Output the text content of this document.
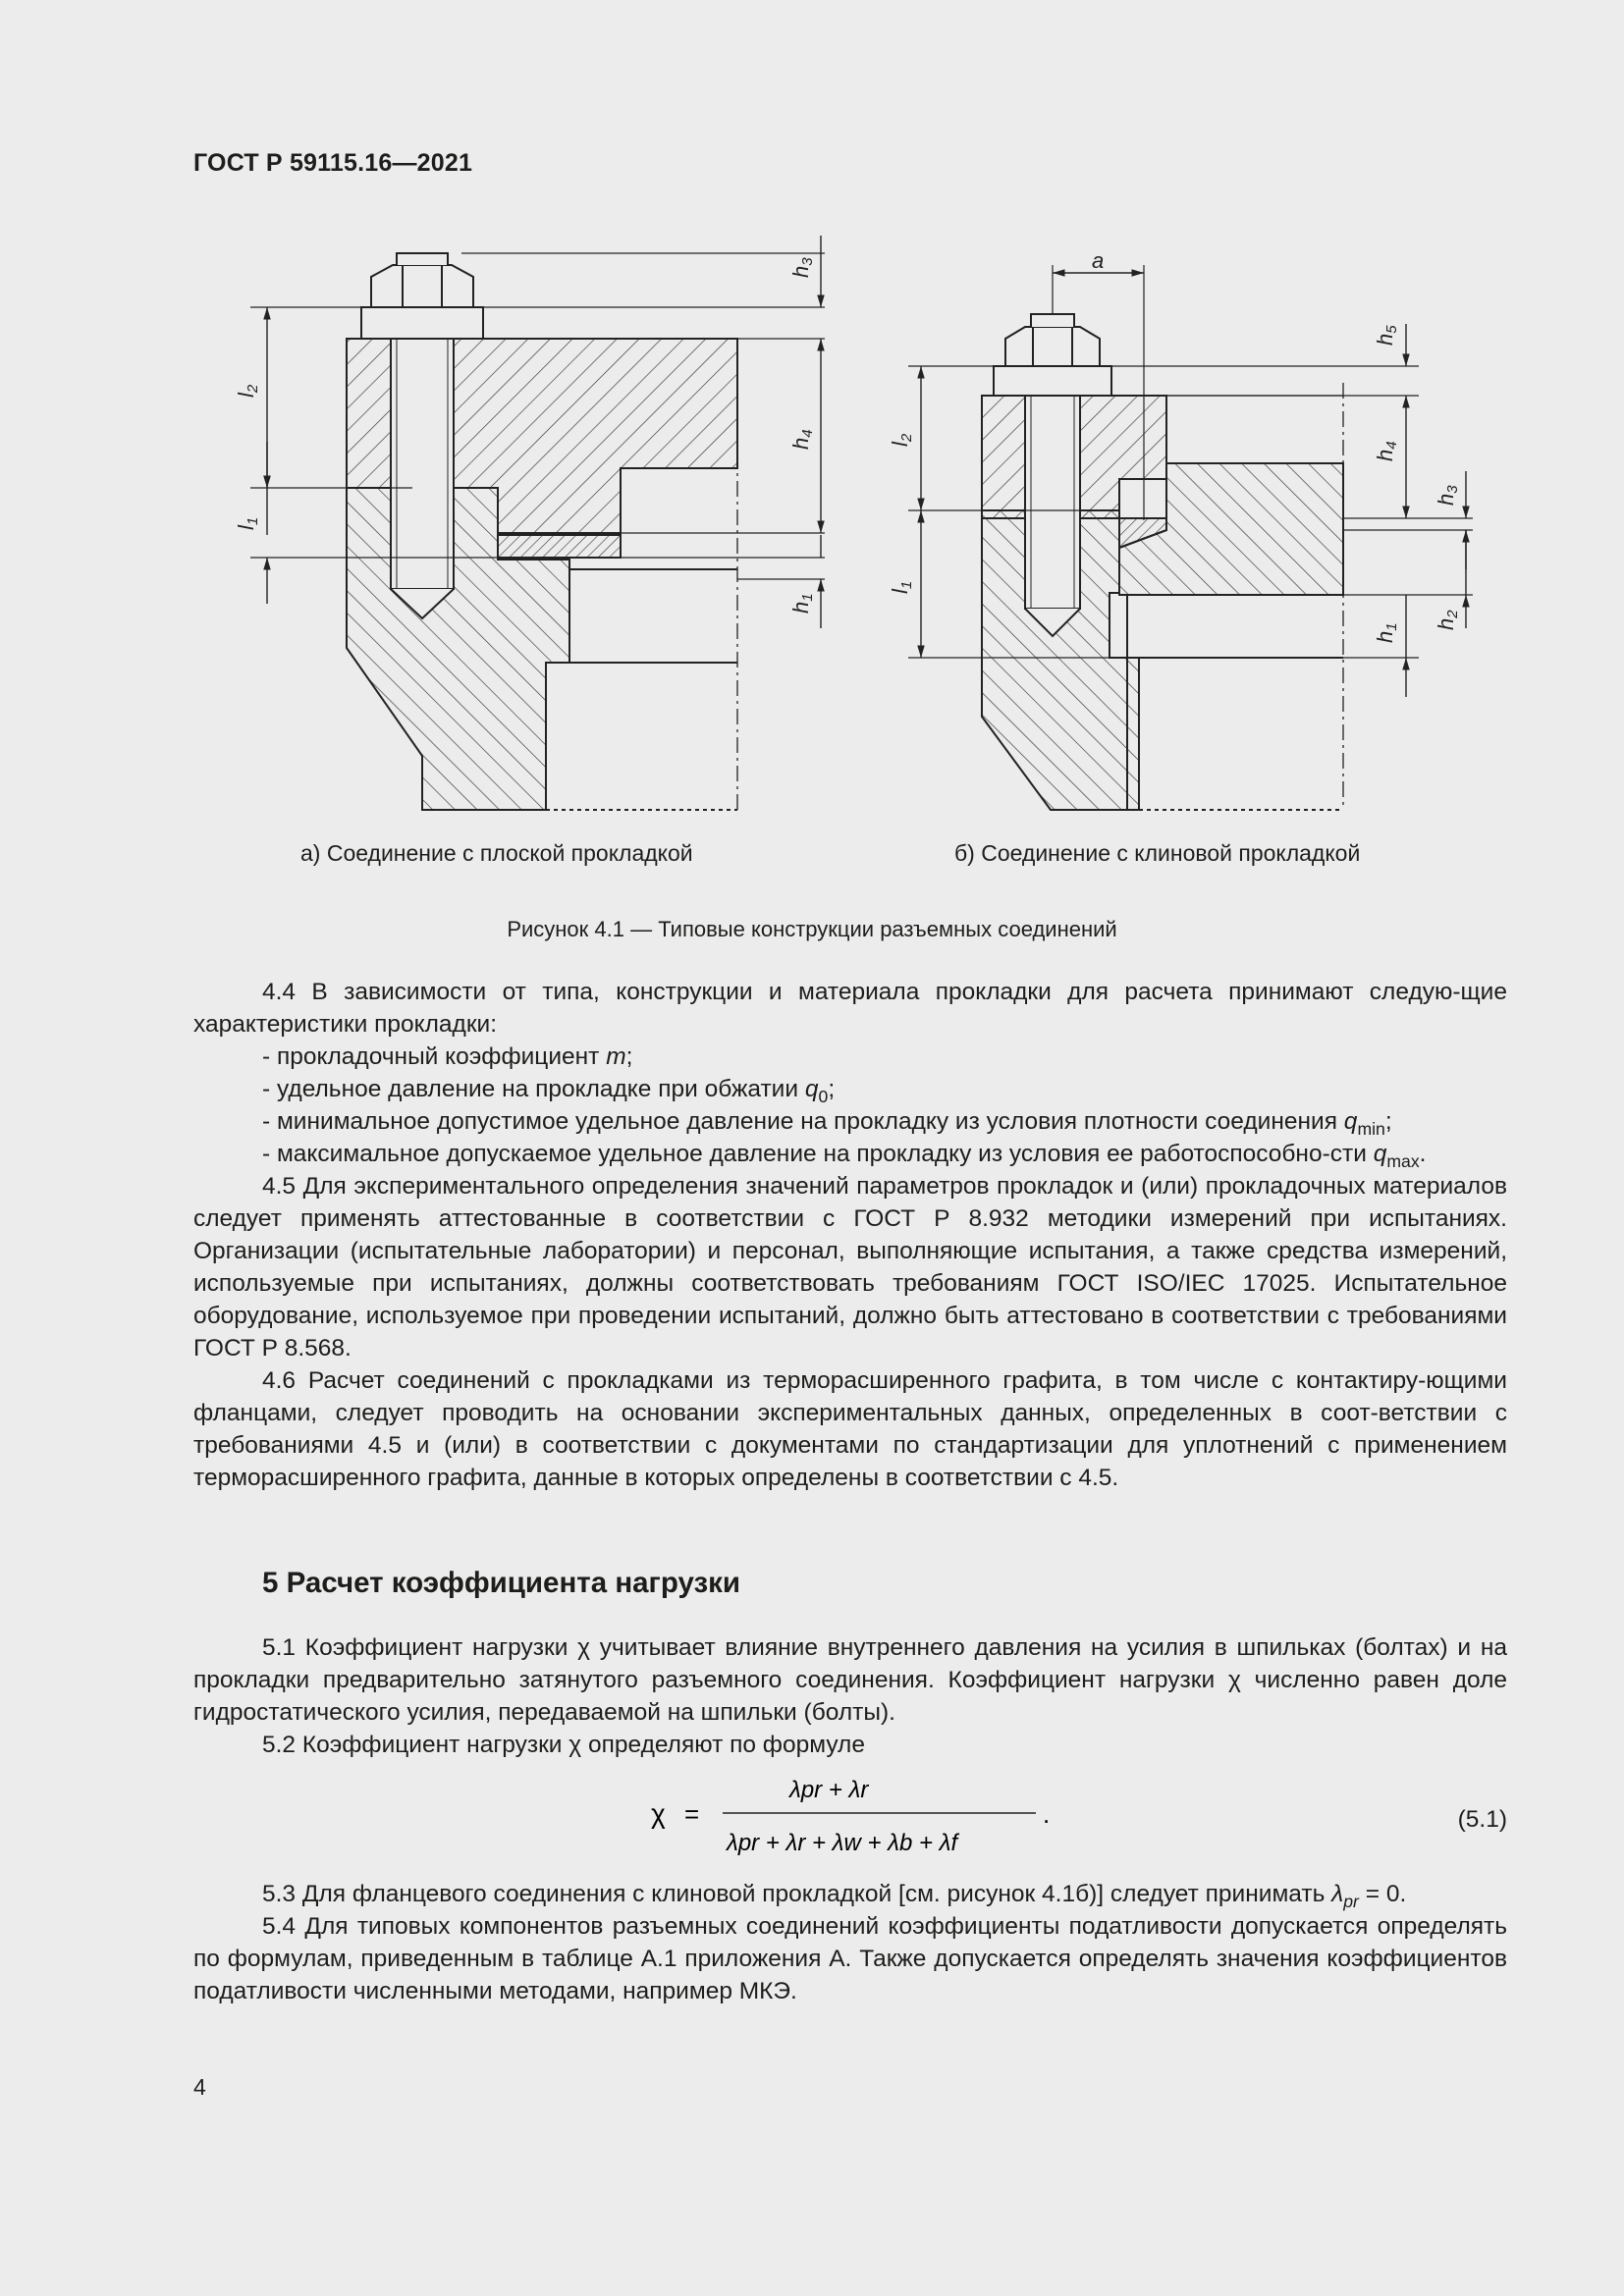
ГОСТ Р 59115.16—2021
l2
l1
h3
h4
h1
a
l2
l1
h5
h4
h3
h1 h2
а) Соединение с плоской прокладкой	б) Соединение с клиновой прокладкой
Рисунок 4.1 — Типовые конструкции разъемных соединений

4.4 В зависимости от типа, конструкции и материала прокладки для расчета принимают следую-щие характеристики прокладки:

- прокладочный коэффициент m;

- удельное давление на прокладке при обжатии $q_0$;

- минимальное допустимое удельное давление на прокладку из условия плотности соединения $q_{min}$;

- максимальное допускаемое удельное давление на прокладку из условия ее работоспособно-сти $q_{max}$.

4.5 Для экспериментального определения значений параметров прокладок и (или) прокладочных материалов следует применять аттестованные в соответствии с ГОСТ Р 8.932 методики измерений при испытаниях. Организации (испытательные лаборатории) и персонал, выполняющие испытания, а также средства измерений, используемые при испытаниях, должны соответствовать требованиям ГОСТ ISO/IEC 17025. Испытательное оборудование, используемое при проведении испытаний, должно быть аттестовано в соответствии с требованиями ГОСТ Р 8.568.

4.6 Расчет соединений с прокладками из терморасширенного графита, в том числе с контактиру-ющими фланцами, следует проводить на основании экспериментальных данных, определенных в соот-ветствии с требованиями 4.5 и (или) в соответствии с документами по стандартизации для уплотнений с применением терморасширенного графита, данные в которых определены в соответствии с 4.5.

5 Расчет коэффициента нагрузки

5.1 Коэффициент нагрузки χ учитывает влияние внутреннего давления на усилия в шпильках (болтах) и на прокладки предварительно затянутого разъемного соединения. Коэффициент нагрузки χ численно равен доле гидростатического усилия, передаваемой на шпильки (болты).

5.2 Коэффициент нагрузки χ определяют по формуле

χ =
λpr + λr
λpr + λr + λw + λb + λf
.	(5.1)

5.3 Для фланцевого соединения с клиновой прокладкой [см. рисунок 4.1б)] следует принимать $\lambda_{pr} = 0$.

5.4 Для типовых компонентов разъемных соединений коэффициенты податливости допускается определять по формулам, приведенным в таблице А.1 приложения А. Также допускается определять значения коэффициентов податливости численными методами, например МКЭ.

4
